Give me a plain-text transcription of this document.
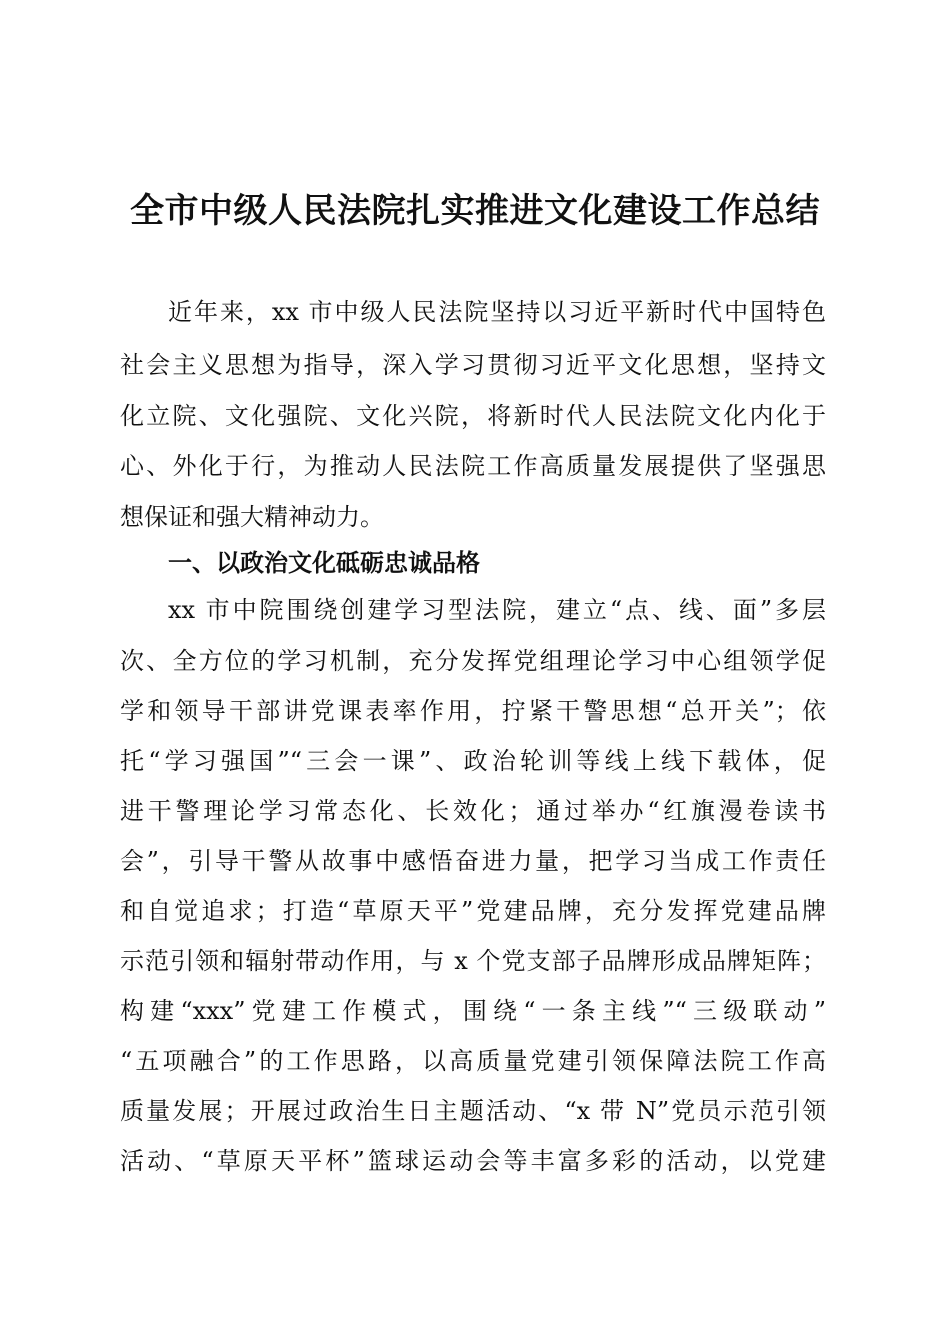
全市中级人民法院扎实推进文化建设工作总结
近年来，xx 市中级人民法院坚持以习近平新时代中国特色
社会主义思想为指导，深入学习贯彻习近平文化思想，坚持文
化立院、文化强院、文化兴院，将新时代人民法院文化内化于
心、外化于行，为推动人民法院工作高质量发展提供了坚强思
想保证和强大精神动力。
一、以政治文化砥砺忠诚品格
xx 市中院围绕创建学习型法院，建立“点、线、面”多层
次、全方位的学习机制，充分发挥党组理论学习中心组领学促
学和领导干部讲党课表率作用，拧紧干警思想“总开关”；依
托“学习强国”“三会一课”、政治轮训等线上线下载体，促
进干警理论学习常态化、长效化；通过举办“红旗漫卷读书
会”，引导干警从故事中感悟奋进力量，把学习当成工作责任
和自觉追求；打造“草原天平”党建品牌，充分发挥党建品牌
示范引领和辐射带动作用，与 x 个党支部子品牌形成品牌矩阵；
构建“xxx”党建工作模式，围绕“一条主线”“三级联动”
“五项融合”的工作思路，以高质量党建引领保障法院工作高
质量发展；开展过政治生日主题活动、“x 带 N”党员示范引领
活动、“草原天平杯”篮球运动会等丰富多彩的活动，以党建
